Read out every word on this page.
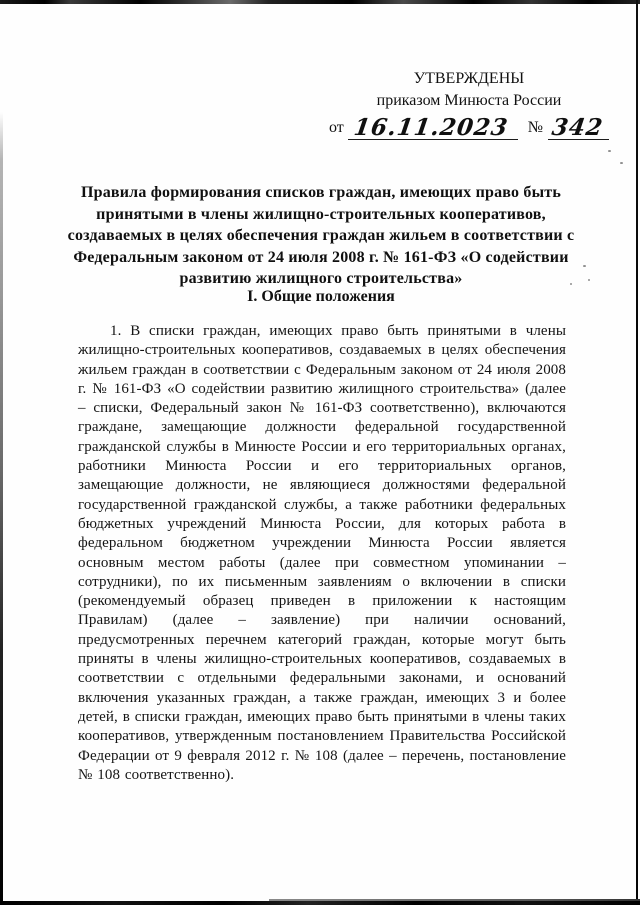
УТВЕРЖДЕНЫ
приказом Минюста России
от 16.11.2023	№ 342
Правила формирования списков граждан, имеющих право быть принятыми в члены жилищно-строительных кооперативов, создаваемых в целях обеспечения граждан жильем в соответствии с Федеральным законом от 24 июля 2008 г. № 161-ФЗ «О содействии развитию жилищного строительства»
I. Общие положения

1. В списки граждан, имеющих право быть принятыми в члены жилищно-строительных кооперативов, создаваемых в целях обеспечения жильем граждан в соответствии с Федеральным законом от 24 июля 2008 г. № 161-ФЗ «О содействии развитию жилищного строительства» (далее – списки, Федеральный закон № 161-ФЗ соответственно), включаются граждане, замещающие должности федеральной государственной гражданской службы в Минюсте России и его территориальных органах, работники Минюста России и его территориальных органов, замещающие должности, не являющиеся должностями федеральной государственной гражданской службы, а также работники федеральных бюджетных учреждений Минюста России, для которых работа в федеральном бюджетном учреждении Минюста России является основным местом работы (далее при совместном упоминании – сотрудники), по их письменным заявлениям о включении в списки (рекомендуемый образец приведен в приложении к настоящим Правилам) (далее – заявление) при наличии оснований, предусмотренных перечнем категорий граждан, которые могут быть приняты в члены жилищно-строительных кооперативов, создаваемых в соответствии с отдельными федеральными законами, и оснований включения указанных граждан, а также граждан, имеющих 3 и более детей, в списки граждан, имеющих право быть принятыми в члены таких кооперативов, утвержденным постановлением Правительства Российской Федерации от 9 февраля 2012 г. № 108 (далее – перечень, постановление № 108 соответственно).
